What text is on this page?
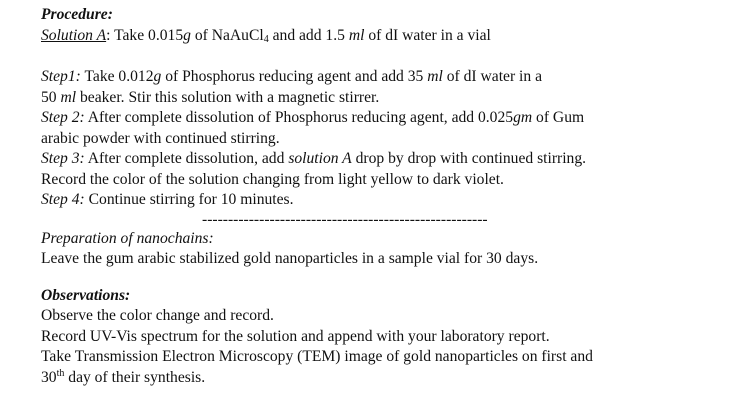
Procedure:

Solution A: Take 0.015g of NaAuCl$_4$ and add 1.5 ml of dI water in a vial

Step1: Take 0.012g of Phosphorus reducing agent and add 35 ml of dI water in a

50 ml beaker. Stir this solution with a magnetic stirrer.

Step 2: After complete dissolution of Phosphorus reducing agent, add 0.025gm of Gum

arabic powder with continued stirring.

Step 3: After complete dissolution, add solution A drop by drop with continued stirring.

Record the color of the solution changing from light yellow to dark violet.

Step 4: Continue stirring for 10 minutes.

-------------------------------------------------------

Preparation of nanochains:

Leave the gum arabic stabilized gold nanoparticles in a sample vial for 30 days.

Observations:

Observe the color change and record.

Record UV-Vis spectrum for the solution and append with your laboratory report.

Take Transmission Electron Microscopy (TEM) image of gold nanoparticles on first and

30th day of their synthesis.
